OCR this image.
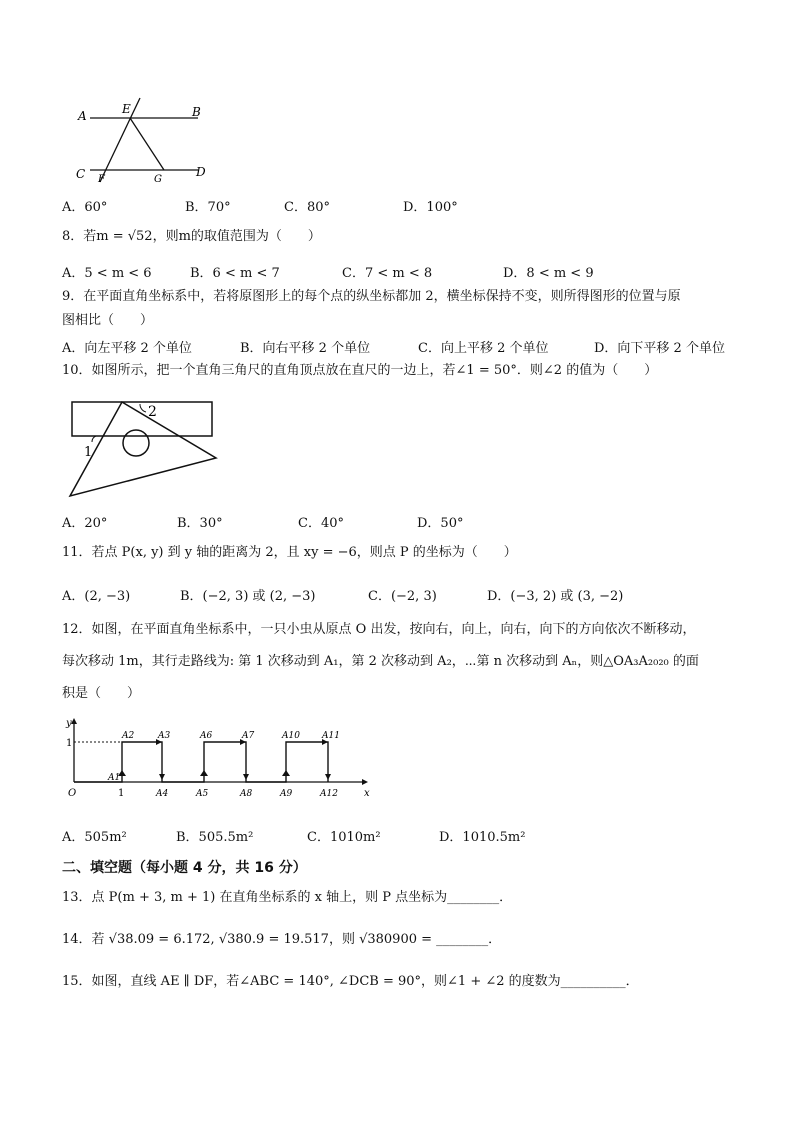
A	E	B
C F	G
D
A．60°	B．70°	C．80°	D．100°
8．若m = √52，则m的取值范围为（　　）
A．5 < m < 6	B．6 < m < 7	C．7 < m < 8	D．8 < m < 9
9．在平面直角坐标系中，若将原图形上的每个点的纵坐标都加 2，横坐标保持不变，则所得图形的位置与原
图相比（　　）
A．向左平移 2 个单位	B．向右平移 2 个单位	C．向上平移 2 个单位	D．向下平移 2 个单位
10．如图所示，把一个直角三角尺的直角顶点放在直尺的一边上，若∠1 = 50°．则∠2 的值为（　　）
2
1
A．20°	B．30°	C．40°	D．50°
11．若点 P(x, y) 到 y 轴的距离为 2，且 xy = −6，则点 P 的坐标为（　　）
A．(2, −3)	B．(−2, 3) 或 (2, −3)	C．(−2, 3)	D．(−3, 2) 或 (3, −2)
12．如图，在平面直角坐标系中，一只小虫从原点 O 出发，按向右，向上，向右，向下的方向依次不断移动，
每次移动 1m，其行走路线为: 第 1 次移动到 A₁，第 2 次移动到 A₂，⋯第 n 次移动到 Aₙ，则△OA₃A₂₀₂₀ 的面
积是（　　）
y
x
1
O	1
A1
A2	A3
A4	A5
A6	A7
A8	A9
A10 A11
A12
A．505m²	B．505.5m²	C．1010m²	D．1010.5m²
二、填空题（每小题 4 分，共 16 分）
13．点 P(m + 3, m + 1) 在直角坐标系的 x 轴上，则 P 点坐标为________．
14．若 √38.09 = 6.172, √380.9 = 19.517，则 √380900 = ________．
15．如图，直线 AE ∥ DF，若∠ABC = 140°, ∠DCB = 90°，则∠1 + ∠2 的度数为__________．
